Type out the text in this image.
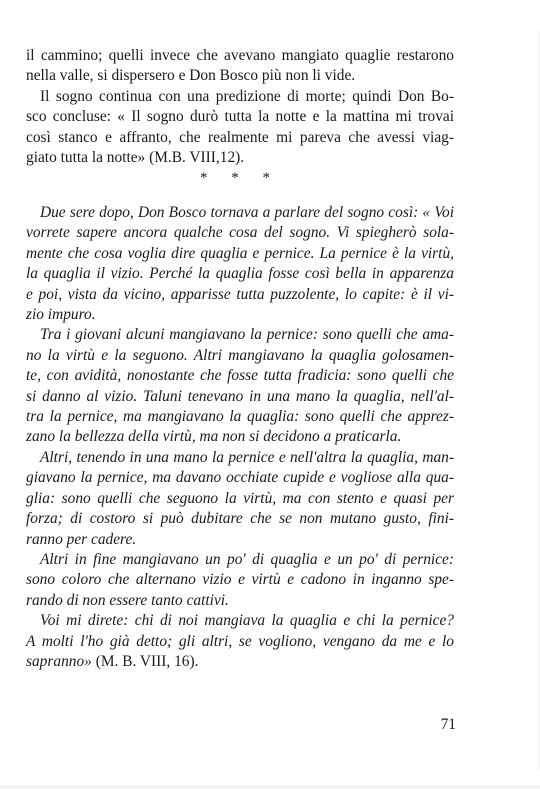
il cammino; quelli invece che avevano mangiato quaglie restarono
nella valle, si dispersero e Don Bosco più non li vide.
Il sogno continua con una predizione di morte; quindi Don Bo-
sco concluse: « Il sogno durò tutta la notte e la mattina mi trovai
così stanco e affranto, che realmente mi pareva che avessi viag-
giato tutta la notte» (M.B. VIII,12).
* * *
Due sere dopo, Don Bosco tornava a parlare del sogno così: « Voi
vorrete sapere ancora qualche cosa del sogno. Vi spiegherò sola-
mente che cosa voglia dire quaglia e pernice. La pernice è la virtù,
la quaglia il vizio. Perché la quaglia fosse così bella in apparenza
e poi, vista da vicino, apparisse tutta puzzolente, lo capite: è il vi-
zio impuro.
Tra i giovani alcuni mangiavano la pernice: sono quelli che ama-
no la virtù e la seguono. Altri mangiavano la quaglia golosamen-
te, con avidità, nonostante che fosse tutta fradicia: sono quelli che
si danno al vizio. Taluni tenevano in una mano la quaglia, nell'al-
tra la pernice, ma mangiavano la quaglia: sono quelli che apprez-
zano la bellezza della virtù, ma non si decidono a praticarla.
Altri, tenendo in una mano la pernice e nell'altra la quaglia, man-
giavano la pernice, ma davano occhiate cupide e vogliose alla qua-
glia: sono quelli che seguono la virtù, ma con stento e quasi per
forza; di costoro si può dubitare che se non mutano gusto, fini-
ranno per cadere.
Altri in fine mangiavano un po' di quaglia e un po' di pernice:
sono coloro che alternano vizio e virtù e cadono in inganno spe-
rando di non essere tanto cattivi.
Voi mi direte: chi di noi mangiava la quaglia e chi la pernice?
A molti l'ho già detto; gli altri, se vogliono, vengano da me e lo
sapranno» (M. B. VIII, 16).
71
